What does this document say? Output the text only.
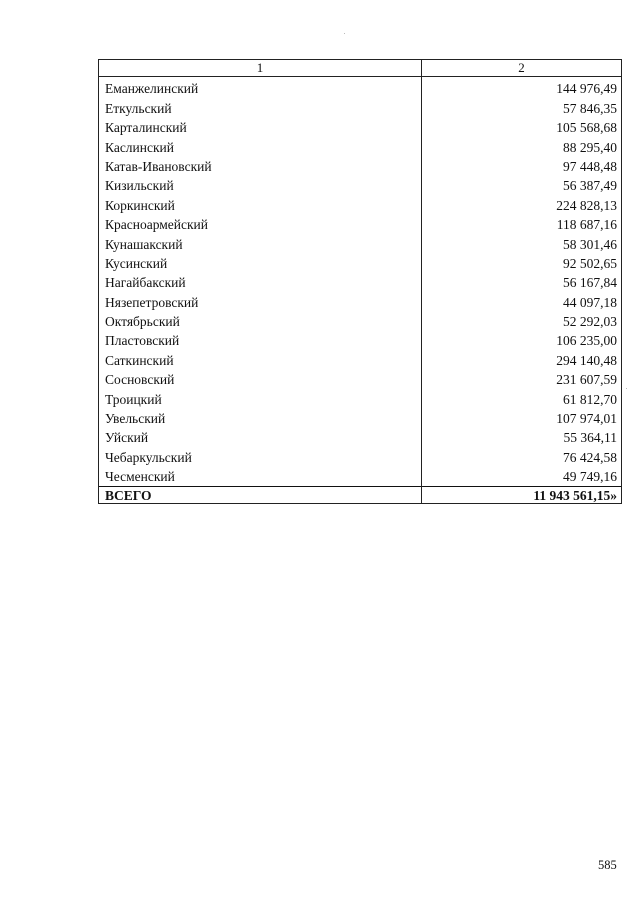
1	2
Еманжелинский	144 976,49
Еткульский	57 846,35
Карталинский	105 568,68
Каслинский	88 295,40
Катав-Ивановский	97 448,48
Кизильский	56 387,49
Коркинский	224 828,13
Красноармейский	118 687,16
Кунашакский	58 301,46
Кусинский	92 502,65
Нагайбакский	56 167,84
Нязепетровский	44 097,18
Октябрьский	52 292,03
Пластовский	106 235,00
Саткинский	294 140,48
Сосновский	231 607,59
Троицкий	61 812,70
Увельский	107 974,01
Уйский	55 364,11
Чебаркульский	76 424,58
Чесменский	49 749,16
ВСЕГО	11 943 561,15»
585
